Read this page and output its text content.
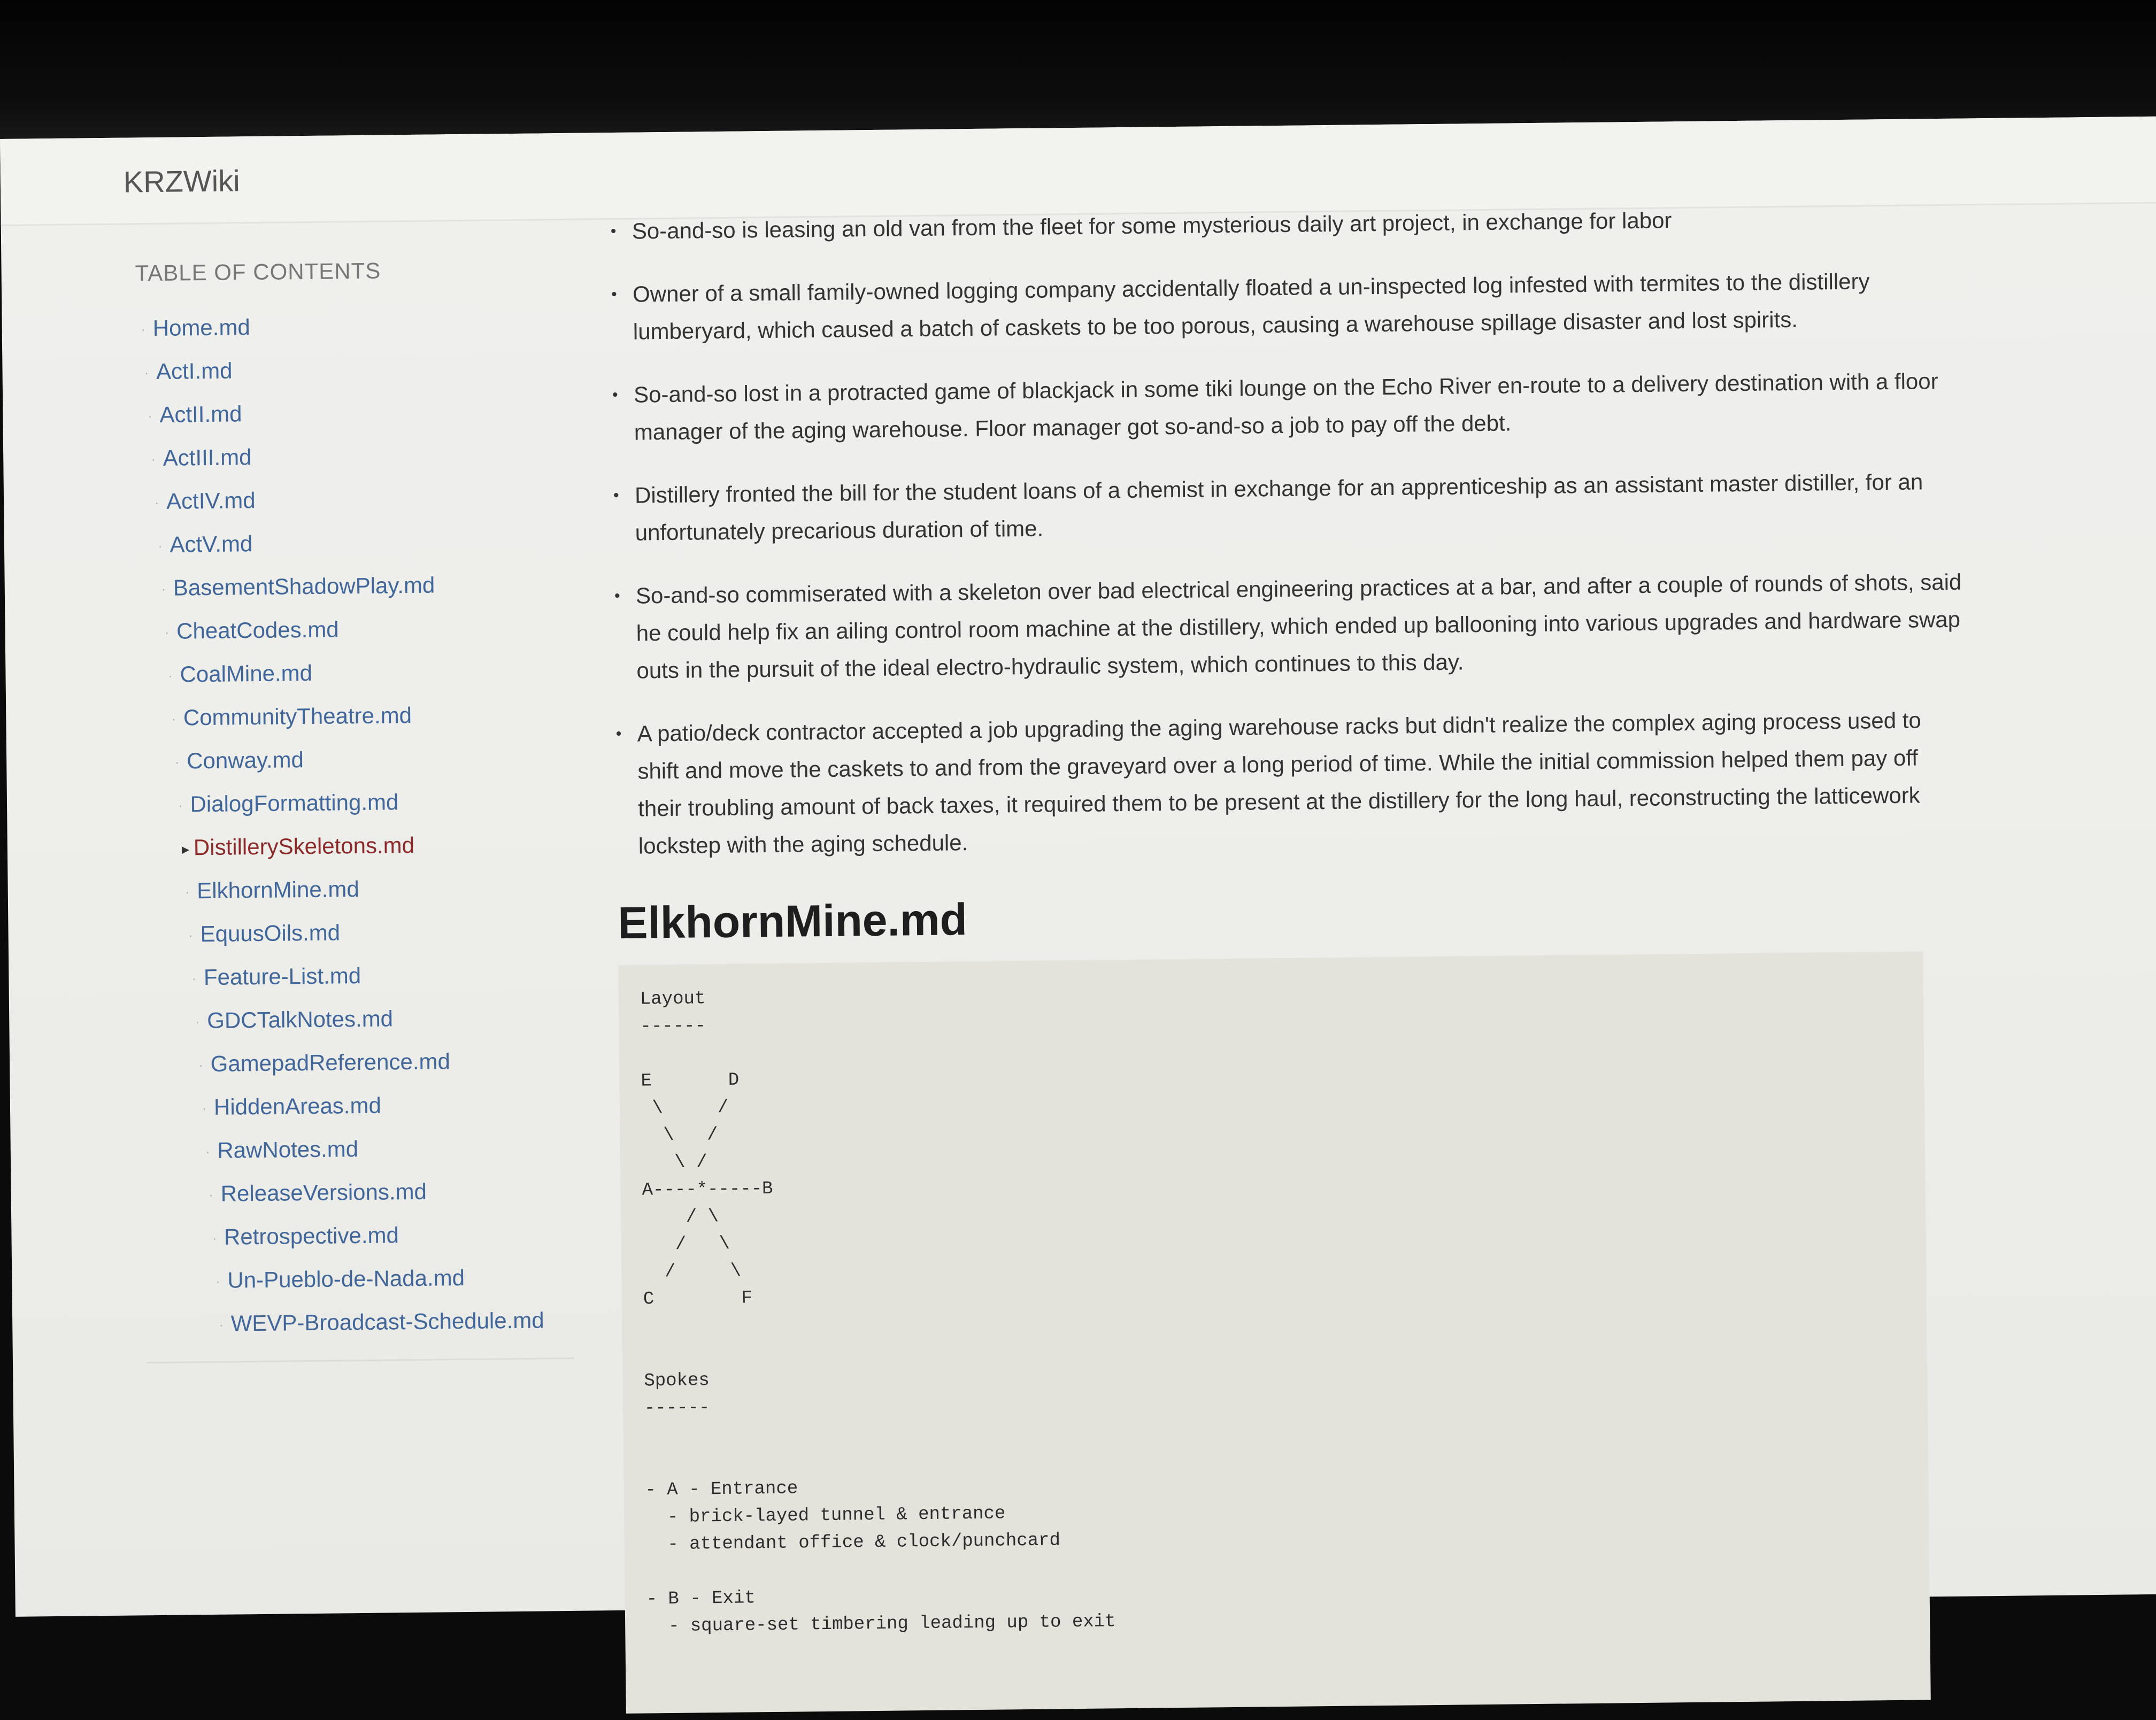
KRZWiki
TABLE OF CONTENTS
· Home.md
· ActI.md
· ActII.md
· ActIII.md
· ActIV.md
· ActV.md
· BasementShadowPlay.md
· CheatCodes.md
· CoalMine.md
· CommunityTheatre.md
· Conway.md
· DialogFormatting.md
▸ DistillerySkeletons.md
· ElkhornMine.md
· EquusOils.md
· Feature-List.md
· GDCTalkNotes.md
· GamepadReference.md
· HiddenAreas.md
· RawNotes.md
· ReleaseVersions.md
· Retrospective.md
· Un-Pueblo-de-Nada.md
· WEVP-Broadcast-Schedule.md
• So-and-so is leasing an old van from the fleet for some mysterious daily art project, in exchange for labor
• Owner of a small family-owned logging company accidentally floated a un-inspected log infested with termites to the distillery lumberyard, which caused a batch of caskets to be too porous, causing a warehouse spillage disaster and lost spirits.
• So-and-so lost in a protracted game of blackjack in some tiki lounge on the Echo River en-route to a delivery destination with a floor manager of the aging warehouse. Floor manager got so-and-so a job to pay off the debt.
• Distillery fronted the bill for the student loans of a chemist in exchange for an apprenticeship as an assistant master distiller, for an unfortunately precarious duration of time.
• So-and-so commiserated with a skeleton over bad electrical engineering practices at a bar, and after a couple of rounds of shots, said he could help fix an ailing control room machine at the distillery, which ended up ballooning into various upgrades and hardware swap outs in the pursuit of the ideal electro-hydraulic system, which continues to this day.
• A patio/deck contractor accepted a job upgrading the aging warehouse racks but didn't realize the complex aging process used to shift and move the caskets to and from the graveyard over a long period of time. While the initial commission helped them pay off their troubling amount of back taxes, it required them to be present at the distillery for the long haul, reconstructing the latticework lockstep with the aging schedule.
ElkhornMine.md
Layout
------

E       D
\     /
\   /
\ /
A----*-----B
/ \
/   \
/     \
C        F

Spokes
------

- A - Entrance
- brick-layed tunnel & entrance
- attendant office & clock/punchcard

- B - Exit
- square-set timbering leading up to exit
